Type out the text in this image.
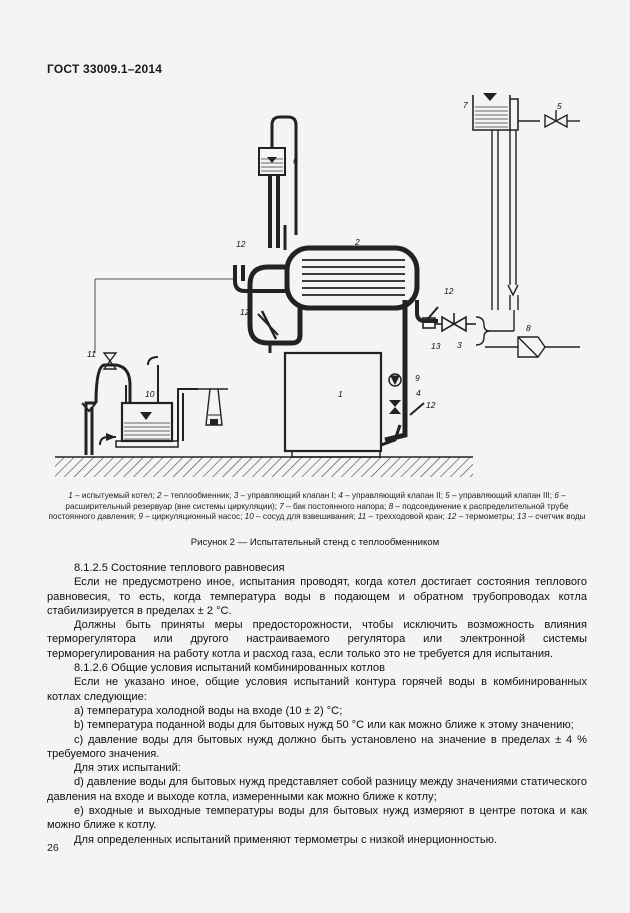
ГОСТ 33009.1–2014
1
2
3
4
5
6
7
8
9
10
11
12
12
12
12
13
1 – испытуемый котел; 2 – теплообменник; 3 – управляющий клапан I; 4 – управляющий клапан II; 5 – управляющий клапан III; 6 – расширительный резервуар (вне системы циркуляции); 7 – бак постоянного напора; 8 – подсоединение к распределительной трубе постоянного давления; 9 – циркуляционный насос; 10 – сосуд для взвешивания; 11 – трехходовой кран; 12 – термометры; 13 – счетчик воды
Рисунок 2 — Испытательный стенд с теплообменником

8.1.2.5 Состояние теплового равновесия

Если не предусмотрено иное, испытания проводят, когда котел достигает состояния теплового равновесия, то есть, когда температура воды в подающем и обратном трубопроводах котла стабилизируется в пределах ± 2 °С.

Должны быть приняты меры предосторожности, чтобы исключить возможность влияния терморегулятора или другого настраиваемого регулятора или электронной системы терморегулирования на работу котла и расход газа, если только это не требуется для испытания.

8.1.2.6 Общие условия испытаний комбинированных котлов

Если не указано иное, общие условия испытаний контура горячей воды в комбинированных котлах следующие:

a) температура холодной воды на входе (10 ± 2) °С;

b) температура поданной воды для бытовых нужд 50 °С или как можно ближе к этому значению;

c) давление воды для бытовых нужд должно быть установлено на значение в пределах ± 4 % требуемого значения.

Для этих испытаний:

d) давление воды для бытовых нужд представляет собой разницу между значениями статического давления на входе и выходе котла, измеренными как можно ближе к котлу;

e) входные и выходные температуры воды для бытовых нужд измеряют в центре потока и как можно ближе к котлу.

Для определенных испытаний применяют термометры с низкой инерционностью.

26
